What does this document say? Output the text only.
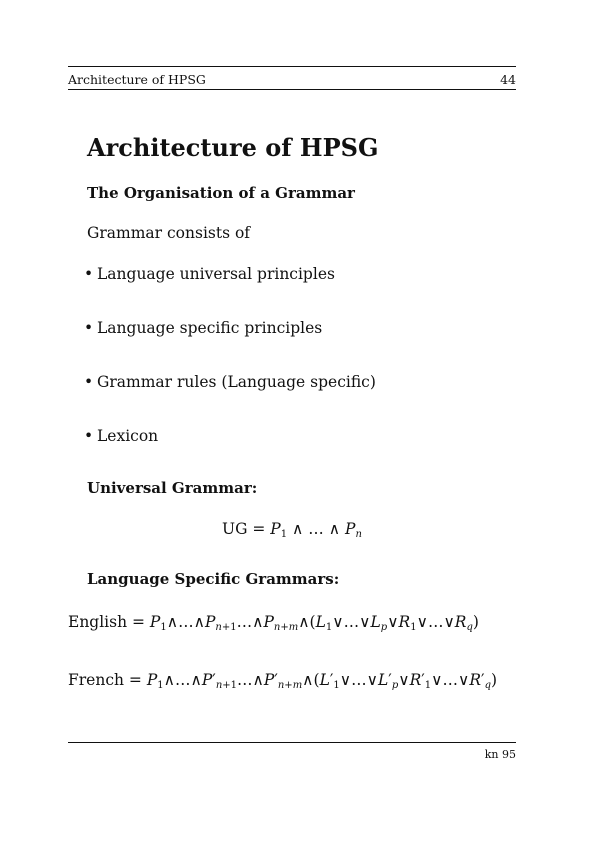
Architecture of HPSG	44
Architecture of HPSG
The Organisation of a Grammar
Grammar consists of
• Language universal principles
• Language specific principles
• Grammar rules (Language specific)
• Lexicon
Universal Grammar:
UG = $P_1$ ∧ … ∧ $P_n$
Language Specific Grammars:
English = $P_1\wedge\dots\wedge P_{n+1}\dots\wedge P_{n+m}\wedge(L_1\vee\dots\vee L_p\vee R_1\vee\dots\vee R_q)$
French = $P_1\wedge\dots\wedge P'_{n+1}\dots\wedge P'_{n+m}\wedge(L'_1\vee\dots\vee L'_p\vee R'_1\vee\dots\vee R'_q)$
kn 95
